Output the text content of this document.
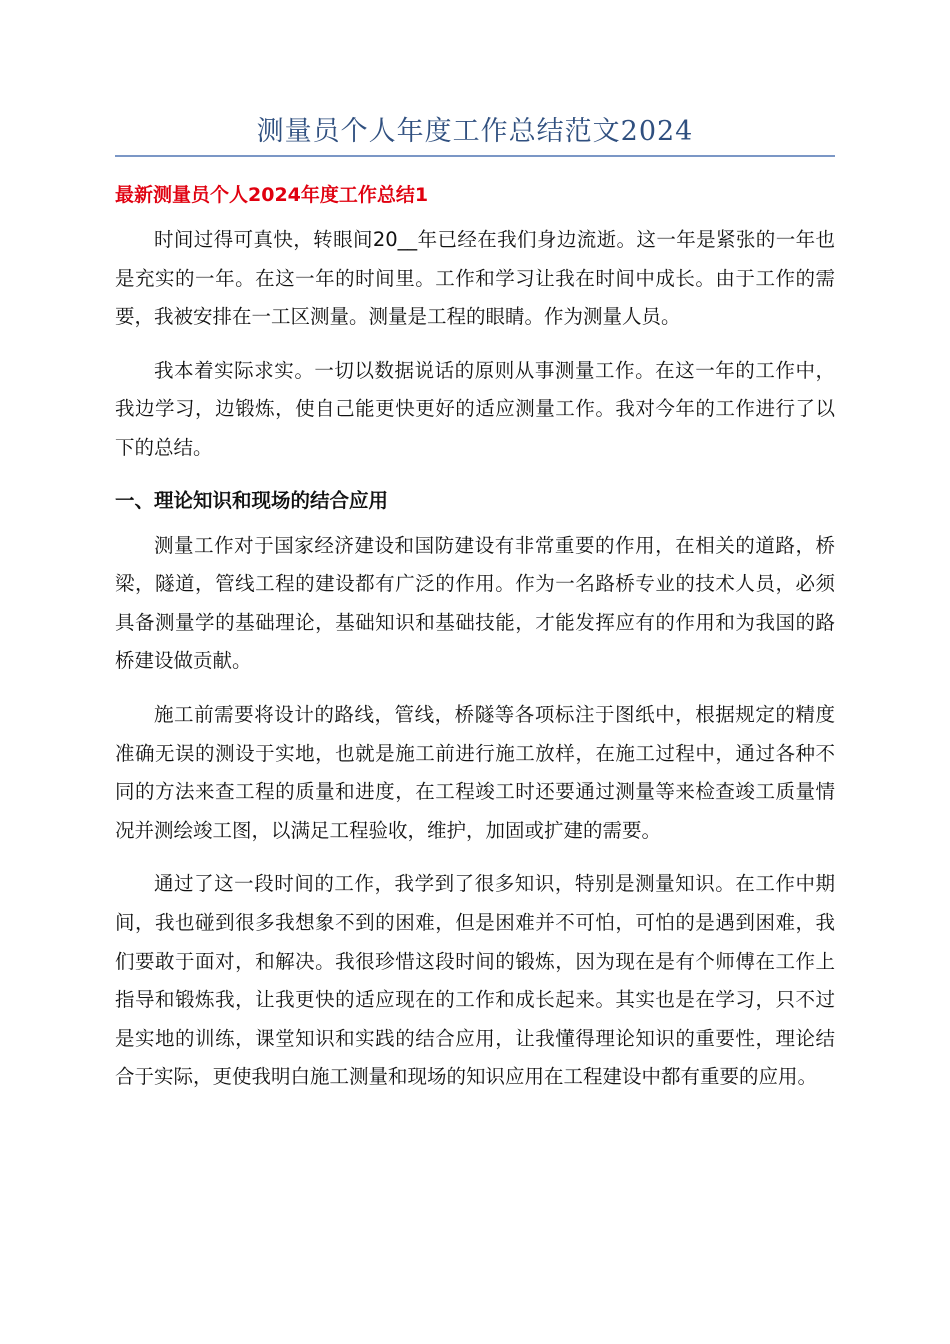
测量员个人年度工作总结范文2024
最新测量员个人2024年度工作总结1

时间过得可真快，转眼间20__年已经在我们身边流逝。这一年是紧张的一年也是充实的一年。在这一年的时间里。工作和学习让我在时间中成长。由于工作的需要，我被安排在一工区测量。测量是工程的眼睛。作为测量人员。

我本着实际求实。一切以数据说话的原则从事测量工作。在这一年的工作中，我边学习，边锻炼，使自己能更快更好的适应测量工作。我对今年的工作进行了以下的总结。

一、理论知识和现场的结合应用

测量工作对于国家经济建设和国防建设有非常重要的作用，在相关的道路，桥梁，隧道，管线工程的建设都有广泛的作用。作为一名路桥专业的技术人员，必须具备测量学的基础理论，基础知识和基础技能，才能发挥应有的作用和为我国的路桥建设做贡献。

施工前需要将设计的路线，管线，桥隧等各项标注于图纸中，根据规定的精度准确无误的测设于实地，也就是施工前进行施工放样，在施工过程中，通过各种不同的方法来查工程的质量和进度，在工程竣工时还要通过测量等来检查竣工质量情况并测绘竣工图，以满足工程验收，维护，加固或扩建的需要。

通过了这一段时间的工作，我学到了很多知识，特别是测量知识。在工作中期间，我也碰到很多我想象不到的困难，但是困难并不可怕，可怕的是遇到困难，我们要敢于面对，和解决。我很珍惜这段时间的锻炼，因为现在是有个师傅在工作上指导和锻炼我，让我更快的适应现在的工作和成长起来。其实也是在学习，只不过是实地的训练，课堂知识和实践的结合应用，让我懂得理论知识的重要性，理论结合于实际，更使我明白施工测量和现场的知识应用在工程建设中都有重要的应用。
